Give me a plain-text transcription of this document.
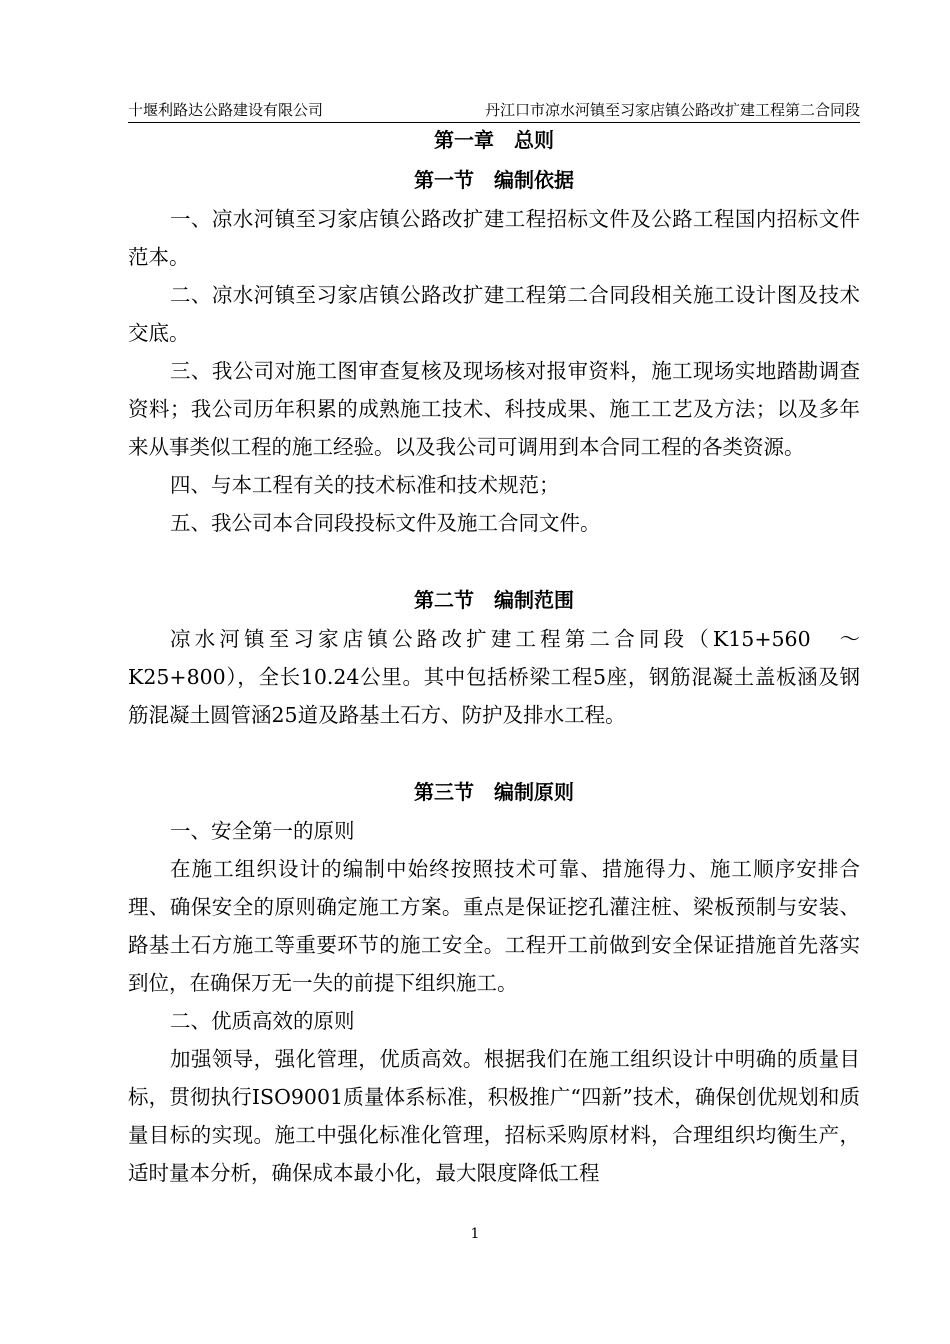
十堰利路达公路建设有限公司	丹江口市凉水河镇至习家店镇公路改扩建工程第二合同段
第一章　总则
第一节　编制依据

一、凉水河镇至习家店镇公路改扩建工程招标文件及公路工程国内招标文件范本。

二、凉水河镇至习家店镇公路改扩建工程第二合同段相关施工设计图及技术交底。

三、我公司对施工图审查复核及现场核对报审资料，施工现场实地踏勘调查资料；我公司历年积累的成熟施工技术、科技成果、施工工艺及方法；以及多年来从事类似工程的施工经验。以及我公司可调用到本合同工程的各类资源。

四、与本工程有关的技术标准和技术规范；

五、我公司本合同段投标文件及施工合同文件。

第二节　编制范围

凉水河镇至习家店镇公路改扩建工程第二合同段（K15+560　～K25+800），全长10.24公里。其中包括桥梁工程5座，钢筋混凝土盖板涵及钢筋混凝土圆管涵25道及路基土石方、防护及排水工程。

第三节　编制原则

一、安全第一的原则

在施工组织设计的编制中始终按照技术可靠、措施得力、施工顺序安排合理、确保安全的原则确定施工方案。重点是保证挖孔灌注桩、梁板预制与安装、路基土石方施工等重要环节的施工安全。工程开工前做到安全保证措施首先落实到位，在确保万无一失的前提下组织施工。

二、优质高效的原则

加强领导，强化管理，优质高效。根据我们在施工组织设计中明确的质量目标，贯彻执行ISO9001质量体系标准，积极推广“四新”技术，确保创优规划和质量目标的实现。施工中强化标准化管理，招标采购原材料，合理组织均衡生产，适时量本分析，确保成本最小化，最大限度降低工程

1
